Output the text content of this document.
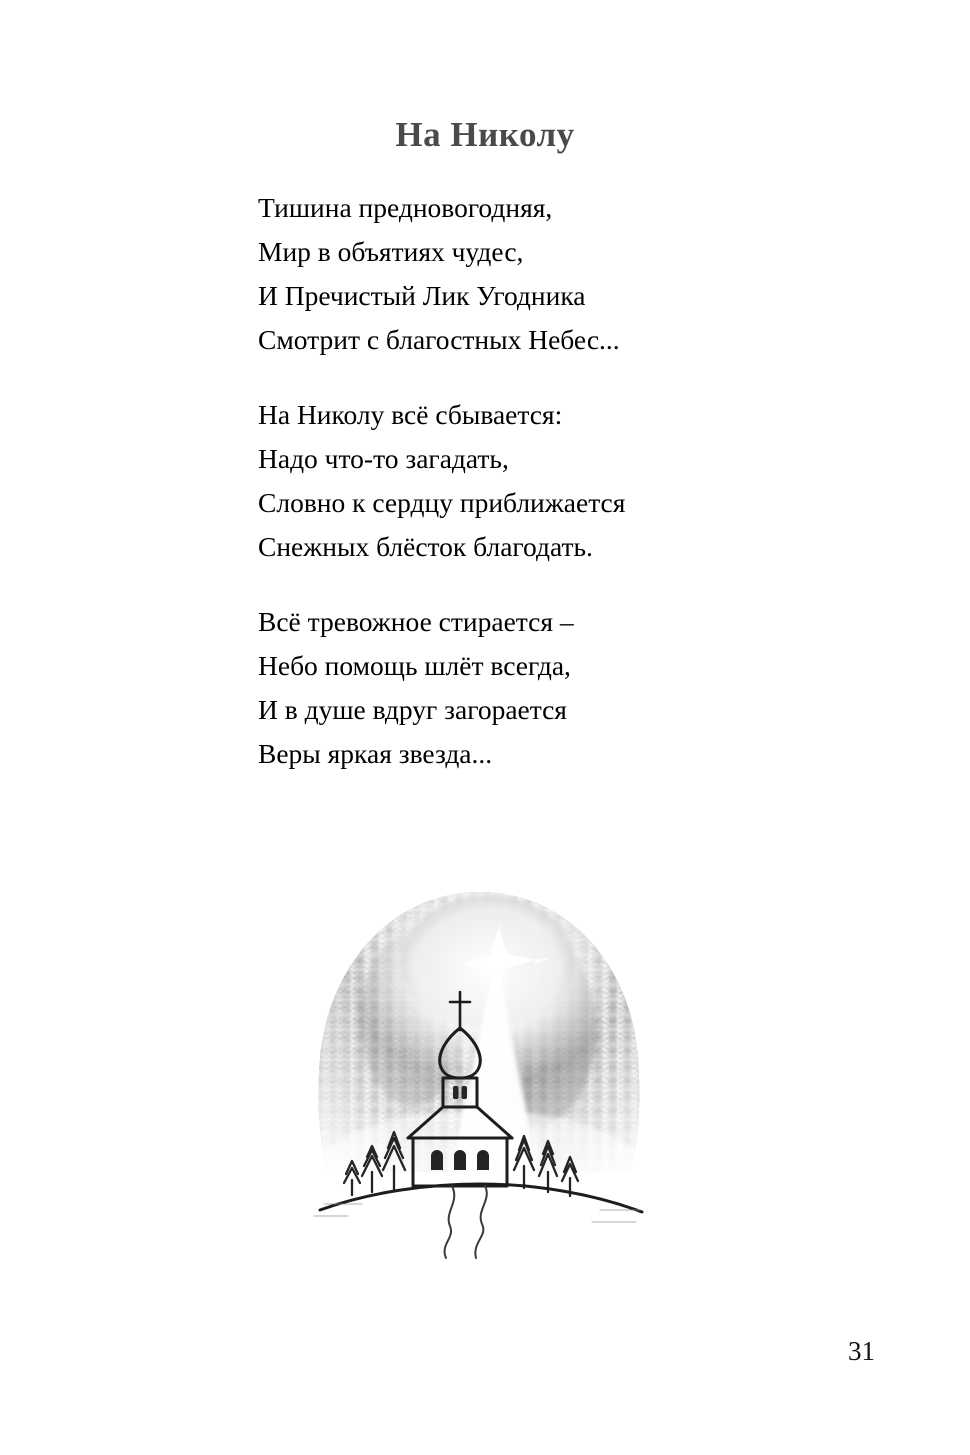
На Николу
Тишина предновогодняя,
Мир в объятиях чудес,
И Пречистый Лик Угодника
Смотрит с благостных Небес...
На Николу всё сбывается:
Надо что-то загадать,
Словно к сердцу приближается
Снежных блёсток благодать.
Всё тревожное стирается –
Небо помощь шлёт всегда,
И в душе вдруг загорается
Веры яркая звезда...
31
